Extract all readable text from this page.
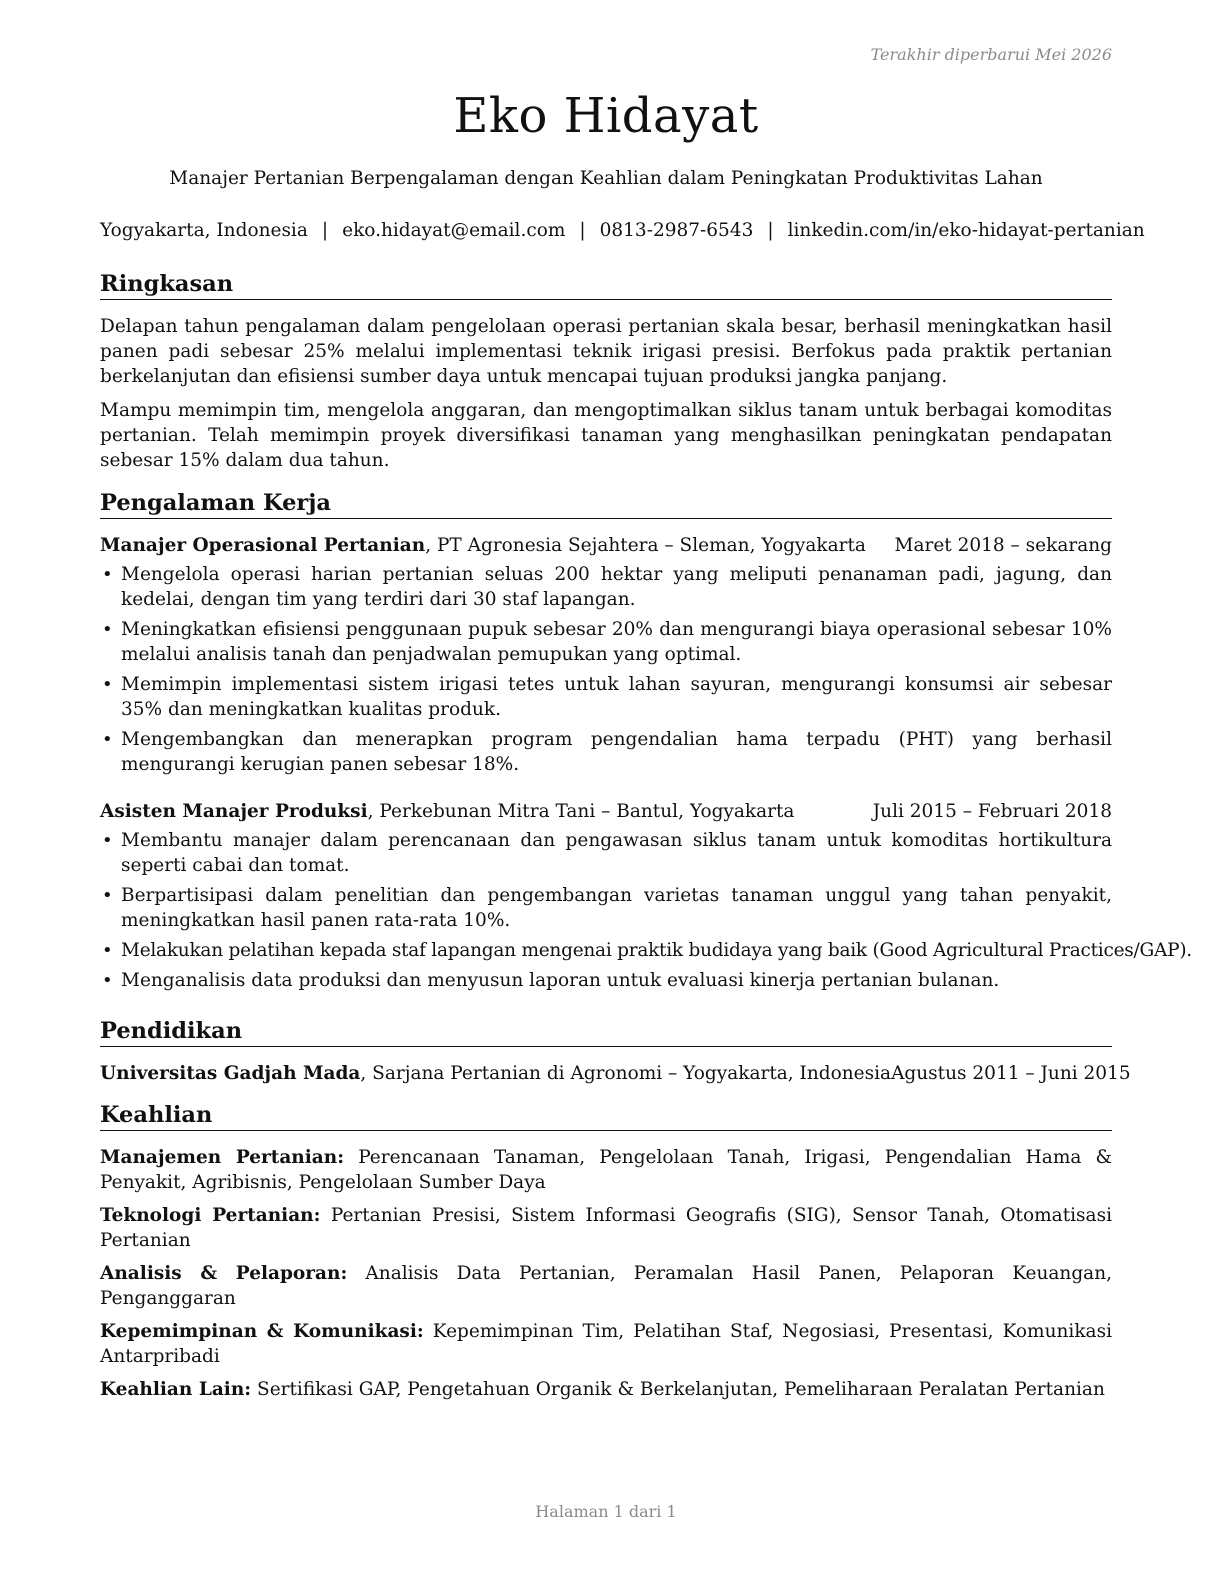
Terakhir diperbarui Mei 2026
Eko Hidayat
Manajer Pertanian Berpengalaman dengan Keahlian dalam Peningkatan Produktivitas Lahan
Yogyakarta, Indonesia | eko.hidayat@email.com | 0813-2987-6543 | linkedin.com/in/eko-hidayat-pertanian
Ringkasan

Delapan tahun pengalaman dalam pengelolaan operasi pertanian skala besar, berhasil meningkatkan hasil panen padi sebesar 25% melalui implementasi teknik irigasi presisi. Berfokus pada praktik pertanian berkelanjutan dan efisiensi sumber daya untuk mencapai tujuan produksi jangka panjang.

Mampu memimpin tim, mengelola anggaran, dan mengoptimalkan siklus tanam untuk berbagai komoditas pertanian. Telah memimpin proyek diversifikasi tanaman yang menghasilkan peningkatan pendapatan sebesar 15% dalam dua tahun.

Pengalaman Kerja
Manajer Operasional Pertanian, PT Agronesia Sejahtera – Sleman, Yogyakarta Maret 2018 – sekarang
• Mengelola operasi harian pertanian seluas 200 hektar yang meliputi penanaman padi, jagung, dan kedelai, dengan tim yang terdiri dari 30 staf lapangan.
• Meningkatkan efisiensi penggunaan pupuk sebesar 20% dan mengurangi biaya operasional sebesar 10% melalui analisis tanah dan penjadwalan pemupukan yang optimal.
• Memimpin implementasi sistem irigasi tetes untuk lahan sayuran, mengurangi konsumsi air sebesar 35% dan meningkatkan kualitas produk.
• Mengembangkan dan menerapkan program pengendalian hama terpadu (PHT) yang berhasil mengurangi kerugian panen sebesar 18%.
Asisten Manajer Produksi, Perkebunan Mitra Tani – Bantul, Yogyakarta	Juli 2015 – Februari 2018
• Membantu manajer dalam perencanaan dan pengawasan siklus tanam untuk komoditas hortikultura seperti cabai dan tomat.
• Berpartisipasi dalam penelitian dan pengembangan varietas tanaman unggul yang tahan penyakit, meningkatkan hasil panen rata-rata 10%.
• Melakukan pelatihan kepada staf lapangan mengenai praktik budidaya yang baik (Good Agricultural Practices/GAP).
• Menganalisis data produksi dan menyusun laporan untuk evaluasi kinerja pertanian bulanan.
Pendidikan
Universitas Gadjah Mada, Sarjana Pertanian di Agronomi – Yogyakarta, Indonesia Agustus 2011 – Juni 2015
Keahlian

Manajemen Pertanian: Perencanaan Tanaman, Pengelolaan Tanah, Irigasi, Pengendalian Hama & Penyakit, Agribisnis, Pengelolaan Sumber Daya

Teknologi Pertanian: Pertanian Presisi, Sistem Informasi Geografis (SIG), Sensor Tanah, Otomatisasi Pertanian

Analisis & Pelaporan: Analisis Data Pertanian, Peramalan Hasil Panen, Pelaporan Keuangan, Penganggaran

Kepemimpinan & Komunikasi: Kepemimpinan Tim, Pelatihan Staf, Negosiasi, Presentasi, Komunikasi Antarpribadi

Keahlian Lain: Sertifikasi GAP, Pengetahuan Organik & Berkelanjutan, Pemeliharaan Peralatan Pertanian

Halaman 1 dari 1
